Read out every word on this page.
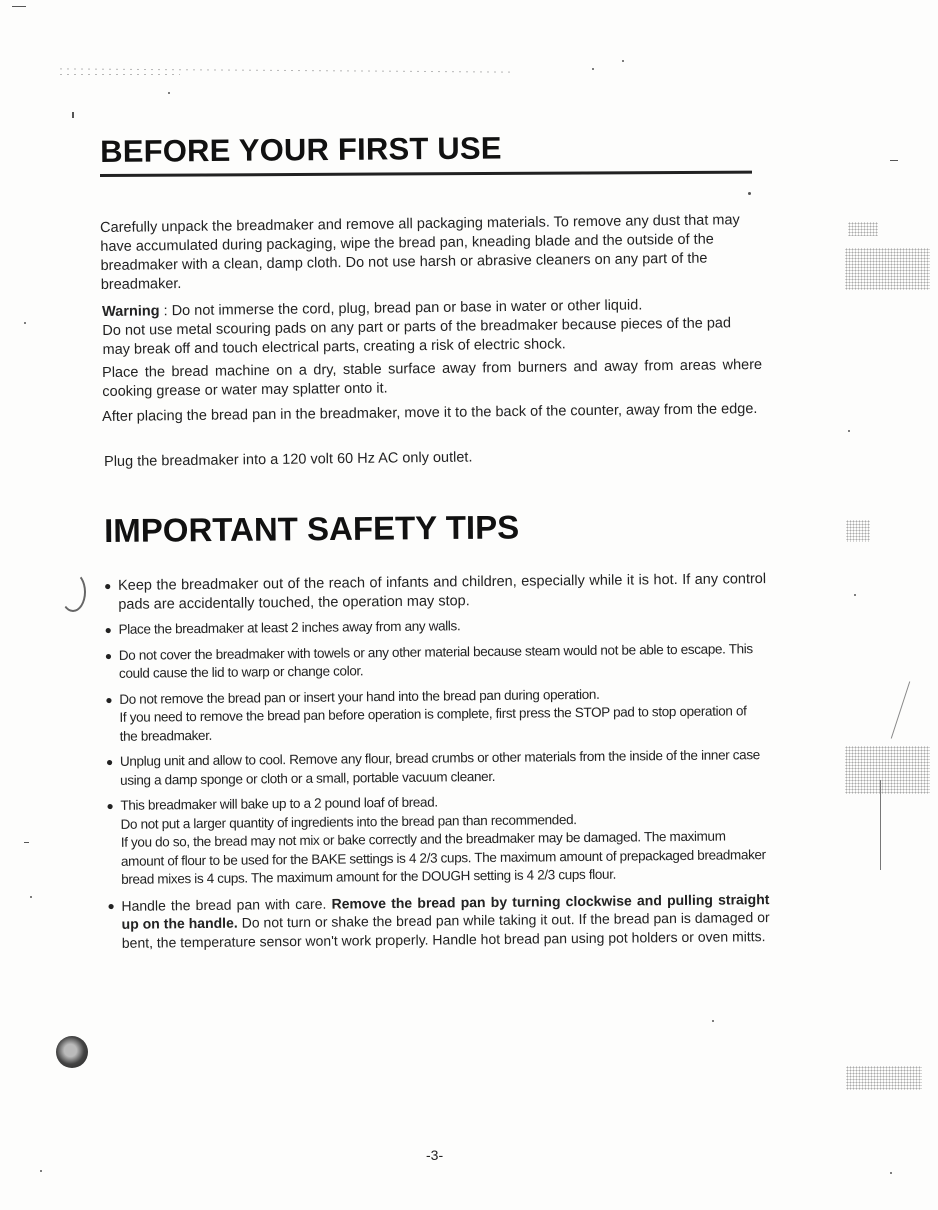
BEFORE YOUR FIRST USE

Carefully unpack the breadmaker and remove all packaging materials. To remove any dust that may have accumulated during packaging, wipe the bread pan, kneading blade and the outside of the breadmaker with a clean, damp cloth. Do not use harsh or abrasive cleaners on any part of the breadmaker.

Warning : Do not immerse the cord, plug, bread pan or base in water or other liquid.
Do not use metal scouring pads on any part or parts of the breadmaker because pieces of the pad may break off and touch electrical parts, creating a risk of electric shock.

Place the bread machine on a dry, stable surface away from burners and away from areas where cooking grease or water may splatter onto it.

After placing the bread pan in the breadmaker, move it to the back of the counter, away from the edge.

Plug the breadmaker into a 120 volt 60 Hz AC only outlet.

IMPORTANT SAFETY TIPS
● Keep the breadmaker out of the reach of infants and children, especially while it is hot. If any control pads are accidentally touched, the operation may stop.
● Place the breadmaker at least 2 inches away from any walls.
● Do not cover the breadmaker with towels or any other material because steam would not be able to escape. This could cause the lid to warp or change color.
● Do not remove the bread pan or insert your hand into the bread pan during operation.
If you need to remove the bread pan before operation is complete, first press the STOP pad to stop operation of the breadmaker.
● Unplug unit and allow to cool. Remove any flour, bread crumbs or other materials from the inside of the inner case using a damp sponge or cloth or a small, portable vacuum cleaner.
● This breadmaker will bake up to a 2 pound loaf of bread.
Do not put a larger quantity of ingredients into the bread pan than recommended.
If you do so, the bread may not mix or bake correctly and the breadmaker may be damaged. The maximum amount of flour to be used for the BAKE settings is 4 2/3 cups. The maximum amount of prepackaged breadmaker bread mixes is 4 cups. The maximum amount for the DOUGH setting is 4 2/3 cups flour.
● Handle the bread pan with care. Remove the bread pan by turning clockwise and pulling straight up on the handle. Do not turn or shake the bread pan while taking it out. If the bread pan is damaged or bent, the temperature sensor won't work properly. Handle hot bread pan using pot holders or oven mitts.

-3-
